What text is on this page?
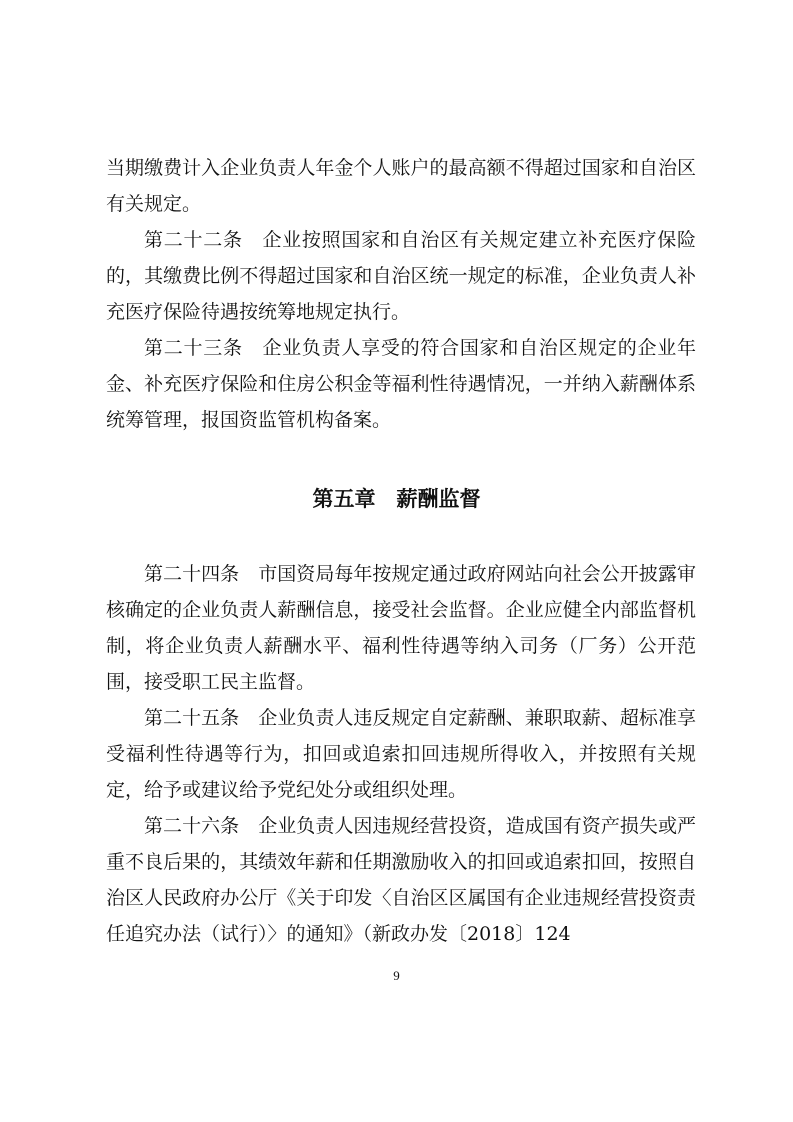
当期缴费计入企业负责人年金个人账户的最高额不得超过国家和自治区有关规定。

第二十二条　企业按照国家和自治区有关规定建立补充医疗保险的，其缴费比例不得超过国家和自治区统一规定的标准，企业负责人补充医疗保险待遇按统筹地规定执行。

第二十三条　企业负责人享受的符合国家和自治区规定的企业年金、补充医疗保险和住房公积金等福利性待遇情况，一并纳入薪酬体系统筹管理，报国资监管机构备案。

第五章　薪酬监督

第二十四条　市国资局每年按规定通过政府网站向社会公开披露审核确定的企业负责人薪酬信息，接受社会监督。企业应健全内部监督机制，将企业负责人薪酬水平、福利性待遇等纳入司务（厂务）公开范围，接受职工民主监督。

第二十五条　企业负责人违反规定自定薪酬、兼职取薪、超标准享受福利性待遇等行为，扣回或追索扣回违规所得收入，并按照有关规定，给予或建议给予党纪处分或组织处理。

第二十六条　企业负责人因违规经营投资，造成国有资产损失或严重不良后果的，其绩效年薪和任期激励收入的扣回或追索扣回，按照自治区人民政府办公厅《关于印发〈自治区区属国有企业违规经营投资责任追究办法（试行）〉的通知》（新政办发〔2018〕124

9
